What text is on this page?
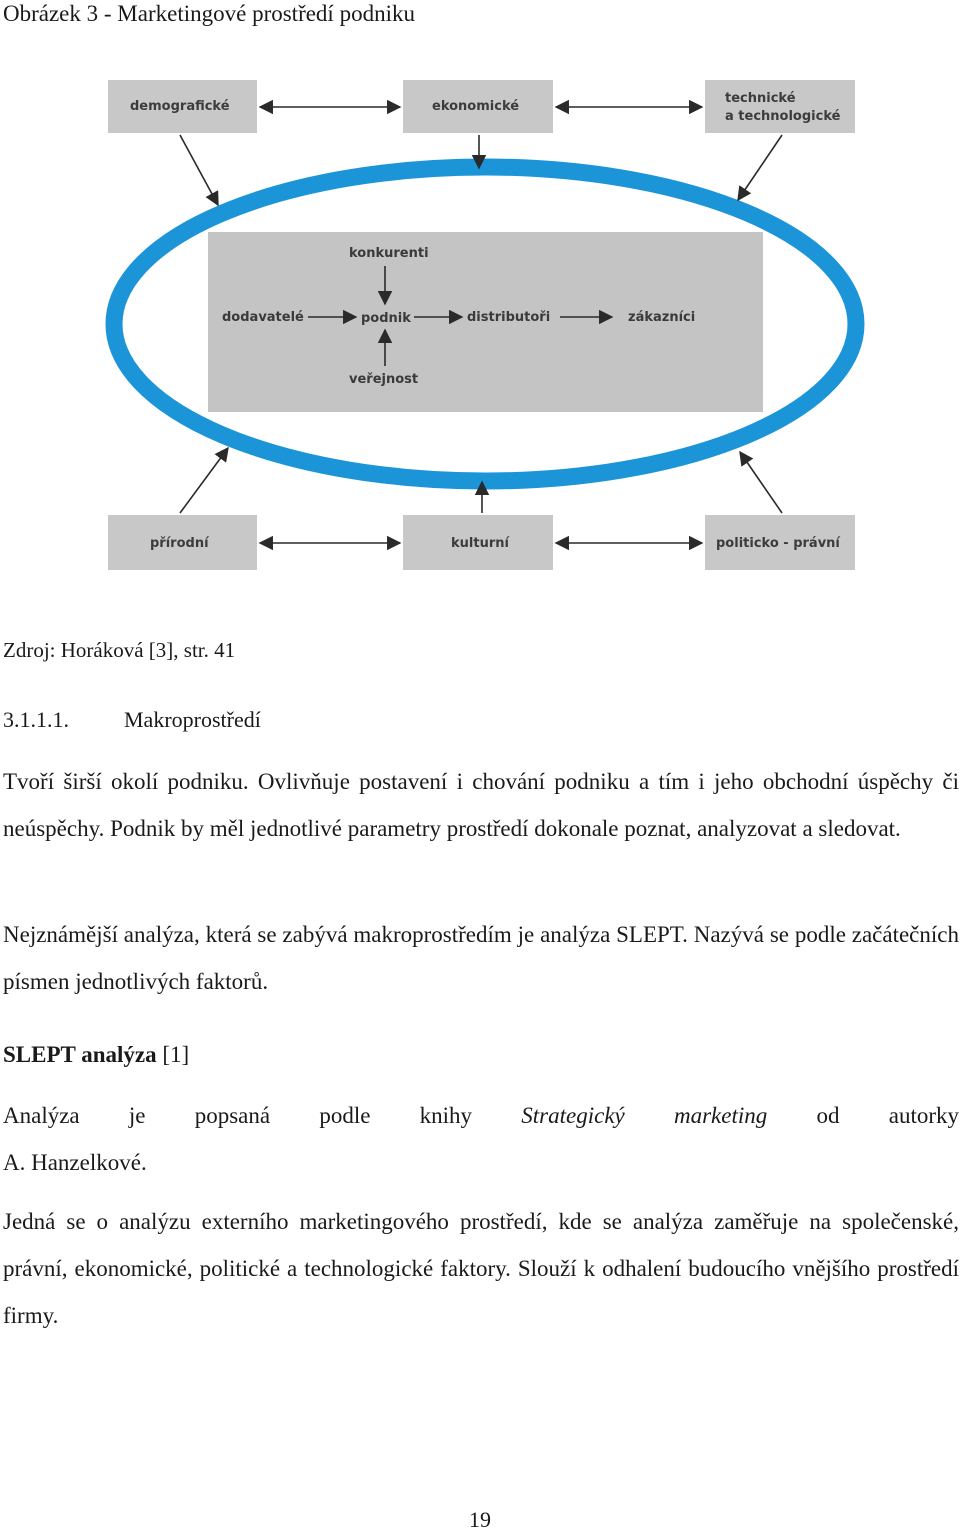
Obrázek 3 - Marketingové prostředí podniku
demografické	ekonomické
technické
a technologické
přírodní	kulturní	politicko - právní
konkurenti
dodavatelé	podnik	distributoři	zákazníci
veřejnost
Zdroj: Horáková [3], str. 41
3.1.1.1.	Makroprostředí
Tvoří širší okolí podniku. Ovlivňuje postavení i chování podniku a tím i jeho obchodní úspěchy či neúspěchy. Podnik by měl jednotlivé parametry prostředí dokonale poznat, analyzovat a sledovat.
Nejznámější analýza, která se zabývá makroprostředím je analýza SLEPT. Nazývá se podle začátečních písmen jednotlivých faktorů.
SLEPT analýza [1]
Analýza je popsaná podle knihy Strategický marketing od autorky
A. Hanzelkové.
Jedná se o analýzu externího marketingového prostředí, kde se analýza zaměřuje na společenské, právní, ekonomické, politické a technologické faktory. Slouží k odhalení budoucího vnějšího prostředí firmy.
19
